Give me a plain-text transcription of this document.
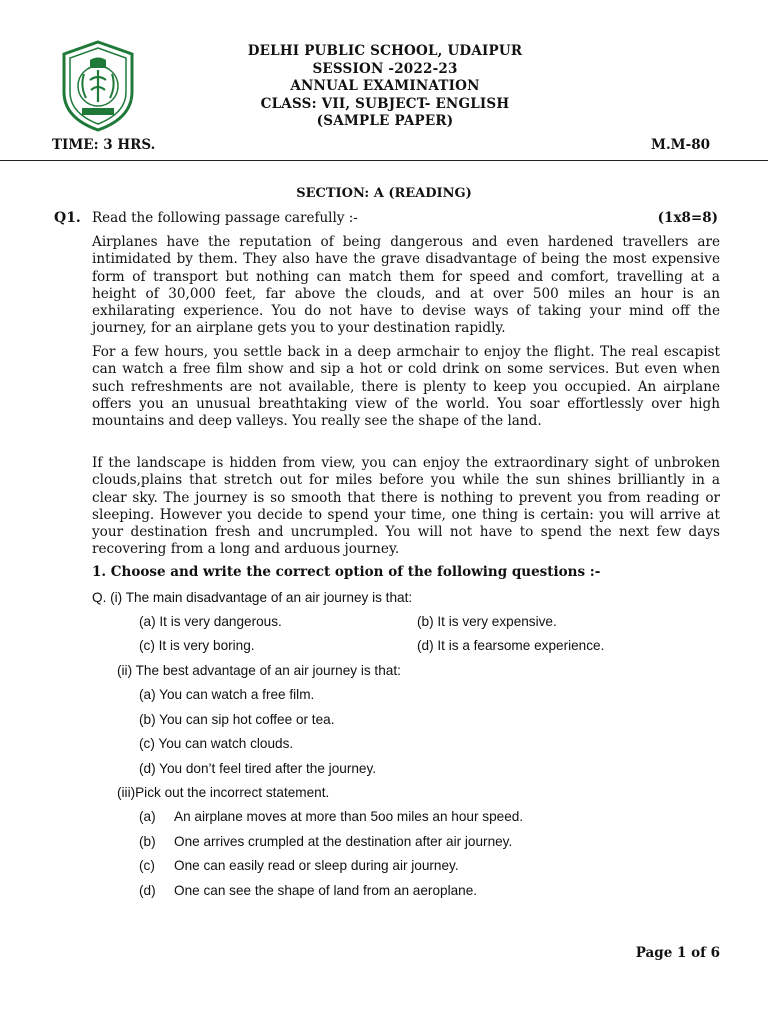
DELHI PUBLIC SCHOOL, UDAIPUR
SESSION -2022-23
ANNUAL EXAMINATION
CLASS: VII, SUBJECT- ENGLISH
(SAMPLE PAPER)
TIME: 3 HRS.	M.M-80
SECTION: A (READING)
Q1. Read the following passage carefully :-	(1x8=8)

Airplanes have the reputation of being dangerous and even hardened travellers are intimidated by them. They also have the grave disadvantage of being the most expensive form of transport but nothing can match them for speed and comfort, travelling at a height of 30,000 feet, far above the clouds, and at over 500 miles an hour is an exhilarating experience. You do not have to devise ways of taking your mind off the journey, for an airplane gets you to your destination rapidly.

For a few hours, you settle back in a deep armchair to enjoy the flight. The real escapist can watch a free film show and sip a hot or cold drink on some services. But even when such refreshments are not available, there is plenty to keep you occupied. An airplane offers you an unusual breathtaking view of the world. You soar effortlessly over high mountains and deep valleys. You really see the shape of the land.

If the landscape is hidden from view, you can enjoy the extraordinary sight of unbroken clouds,plains that stretch out for miles before you while the sun shines brilliantly in a clear sky. The journey is so smooth that there is nothing to prevent you from reading or sleeping. However you decide to spend your time, one thing is certain: you will arrive at your destination fresh and uncrumpled. You will not have to spend the next few days recovering from a long and arduous journey.

1. Choose and write the correct option of the following questions :-
Q. (i) The main disadvantage of an air journey is that:
(a) It is very dangerous.	(b) It is very expensive.
(c) It is very boring.	(d) It is a fearsome experience.
(ii) The best advantage of an air journey is that:
(a) You can watch a free film.
(b) You can sip hot coffee or tea.
(c) You can watch clouds.
(d) You don’t feel tired after the journey.
(iii)Pick out the incorrect statement.
(a) An airplane moves at more than 5oo miles an hour speed.
(b) One arrives crumpled at the destination after air journey.
(c) One can easily read or sleep during air journey.
(d) One can see the shape of land from an aeroplane.
Page 1 of 6
